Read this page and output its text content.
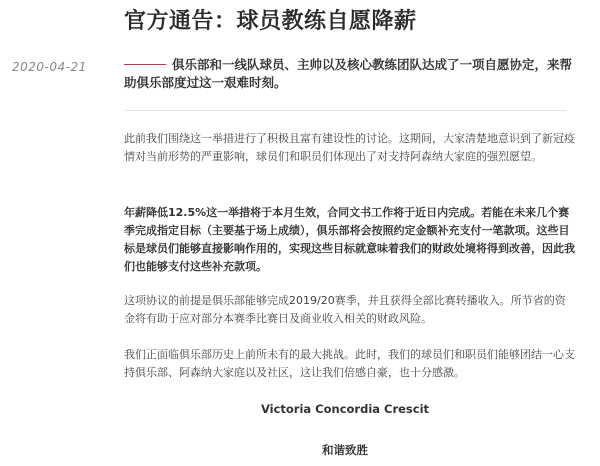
官方通告：球员教练自愿降薪
2020-04-21	俱乐部和一线队球员、主帅以及核心教练团队达成了一项自愿协定，来帮助俱乐部度过这一艰难时刻。

此前我们围绕这一举措进行了积极且富有建设性的讨论。这期间，大家清楚地意识到了新冠疫情对当前形势的严重影响，球员们和职员们体现出了对支持阿森纳大家庭的强烈愿望。

年薪降低12.5%这一举措将于本月生效，合同文书工作将于近日内完成。若能在未来几个赛季完成指定目标（主要基于场上成绩），俱乐部将会按照约定金额补充支付一笔款项。这些目标是球员们能够直接影响作用的，实现这些目标就意味着我们的财政处境将得到改善，因此我们也能够支付这些补充款项。

这项协议的前提是俱乐部能够完成2019/20赛季，并且获得全部比赛转播收入。所节省的资金将有助于应对部分本赛季比赛日及商业收入相关的财政风险。

我们正面临俱乐部历史上前所未有的最大挑战。此时，我们的球员们和职员们能够团结一心支持俱乐部、阿森纳大家庭以及社区，这让我们倍感自豪，也十分感激。

Victoria Concordia Crescit

和谐致胜
